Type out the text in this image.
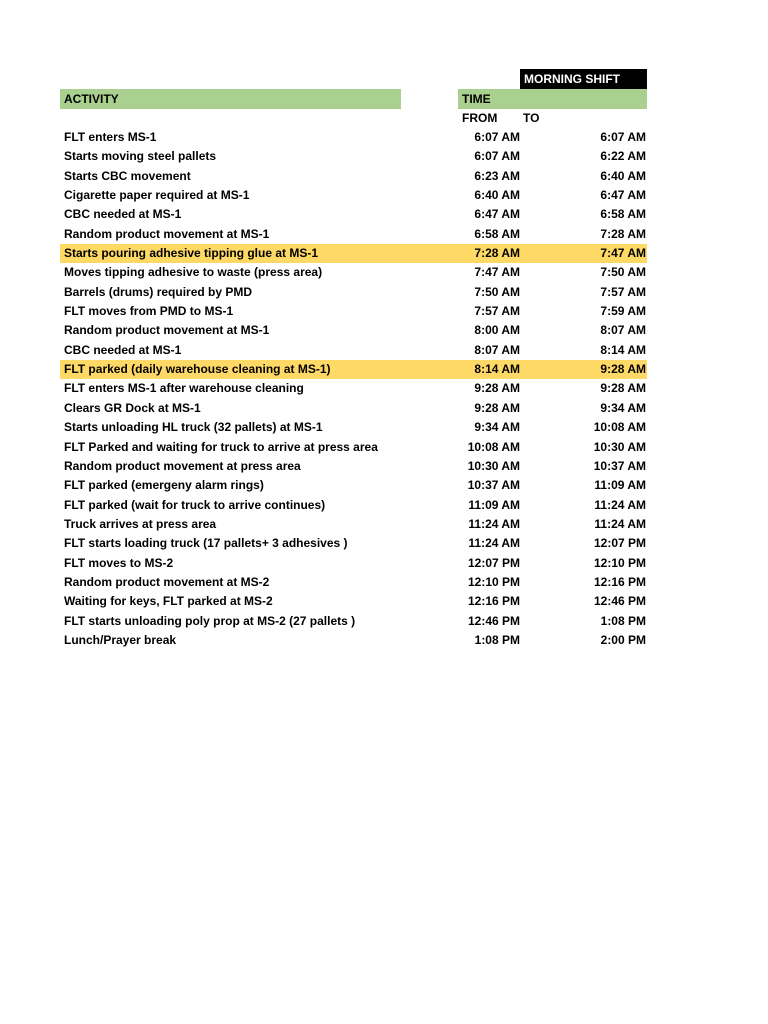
MORNING SHIFT
ACTIVITY	TIME
FROM TO
FLT enters MS-1	6:07 AM	6:07 AM
Starts moving steel pallets	6:07 AM	6:22 AM
Starts CBC movement	6:23 AM	6:40 AM
Cigarette paper required at MS-1	6:40 AM	6:47 AM
CBC needed at MS-1	6:47 AM	6:58 AM
Random product movement at MS-1	6:58 AM	7:28 AM
Starts pouring adhesive tipping glue at MS-1	7:28 AM	7:47 AM
Moves tipping adhesive to waste (press area)	7:47 AM	7:50 AM
Barrels (drums) required by PMD	7:50 AM	7:57 AM
FLT moves from PMD to MS-1	7:57 AM	7:59 AM
Random product movement at MS-1	8:00 AM	8:07 AM
CBC needed at MS-1	8:07 AM	8:14 AM
FLT parked (daily warehouse cleaning at MS-1)	8:14 AM	9:28 AM
FLT enters MS-1 after warehouse cleaning	9:28 AM	9:28 AM
Clears GR Dock at MS-1	9:28 AM	9:34 AM
Starts unloading HL truck (32 pallets) at MS-1	9:34 AM	10:08 AM
FLT Parked and waiting for truck to arrive at press area	10:08 AM	10:30 AM
Random product movement at press area	10:30 AM	10:37 AM
FLT parked (emergeny alarm rings)	10:37 AM	11:09 AM
FLT parked (wait for truck to arrive continues)	11:09 AM	11:24 AM
Truck arrives at press area	11:24 AM	11:24 AM
FLT starts loading truck (17 pallets+ 3 adhesives )	11:24 AM	12:07 PM
FLT moves to MS-2	12:07 PM	12:10 PM
Random product movement at MS-2	12:10 PM	12:16 PM
Waiting for keys, FLT parked at MS-2	12:16 PM	12:46 PM
FLT starts unloading poly prop at MS-2 (27 pallets )	12:46 PM	1:08 PM
Lunch/Prayer break	1:08 PM	2:00 PM
